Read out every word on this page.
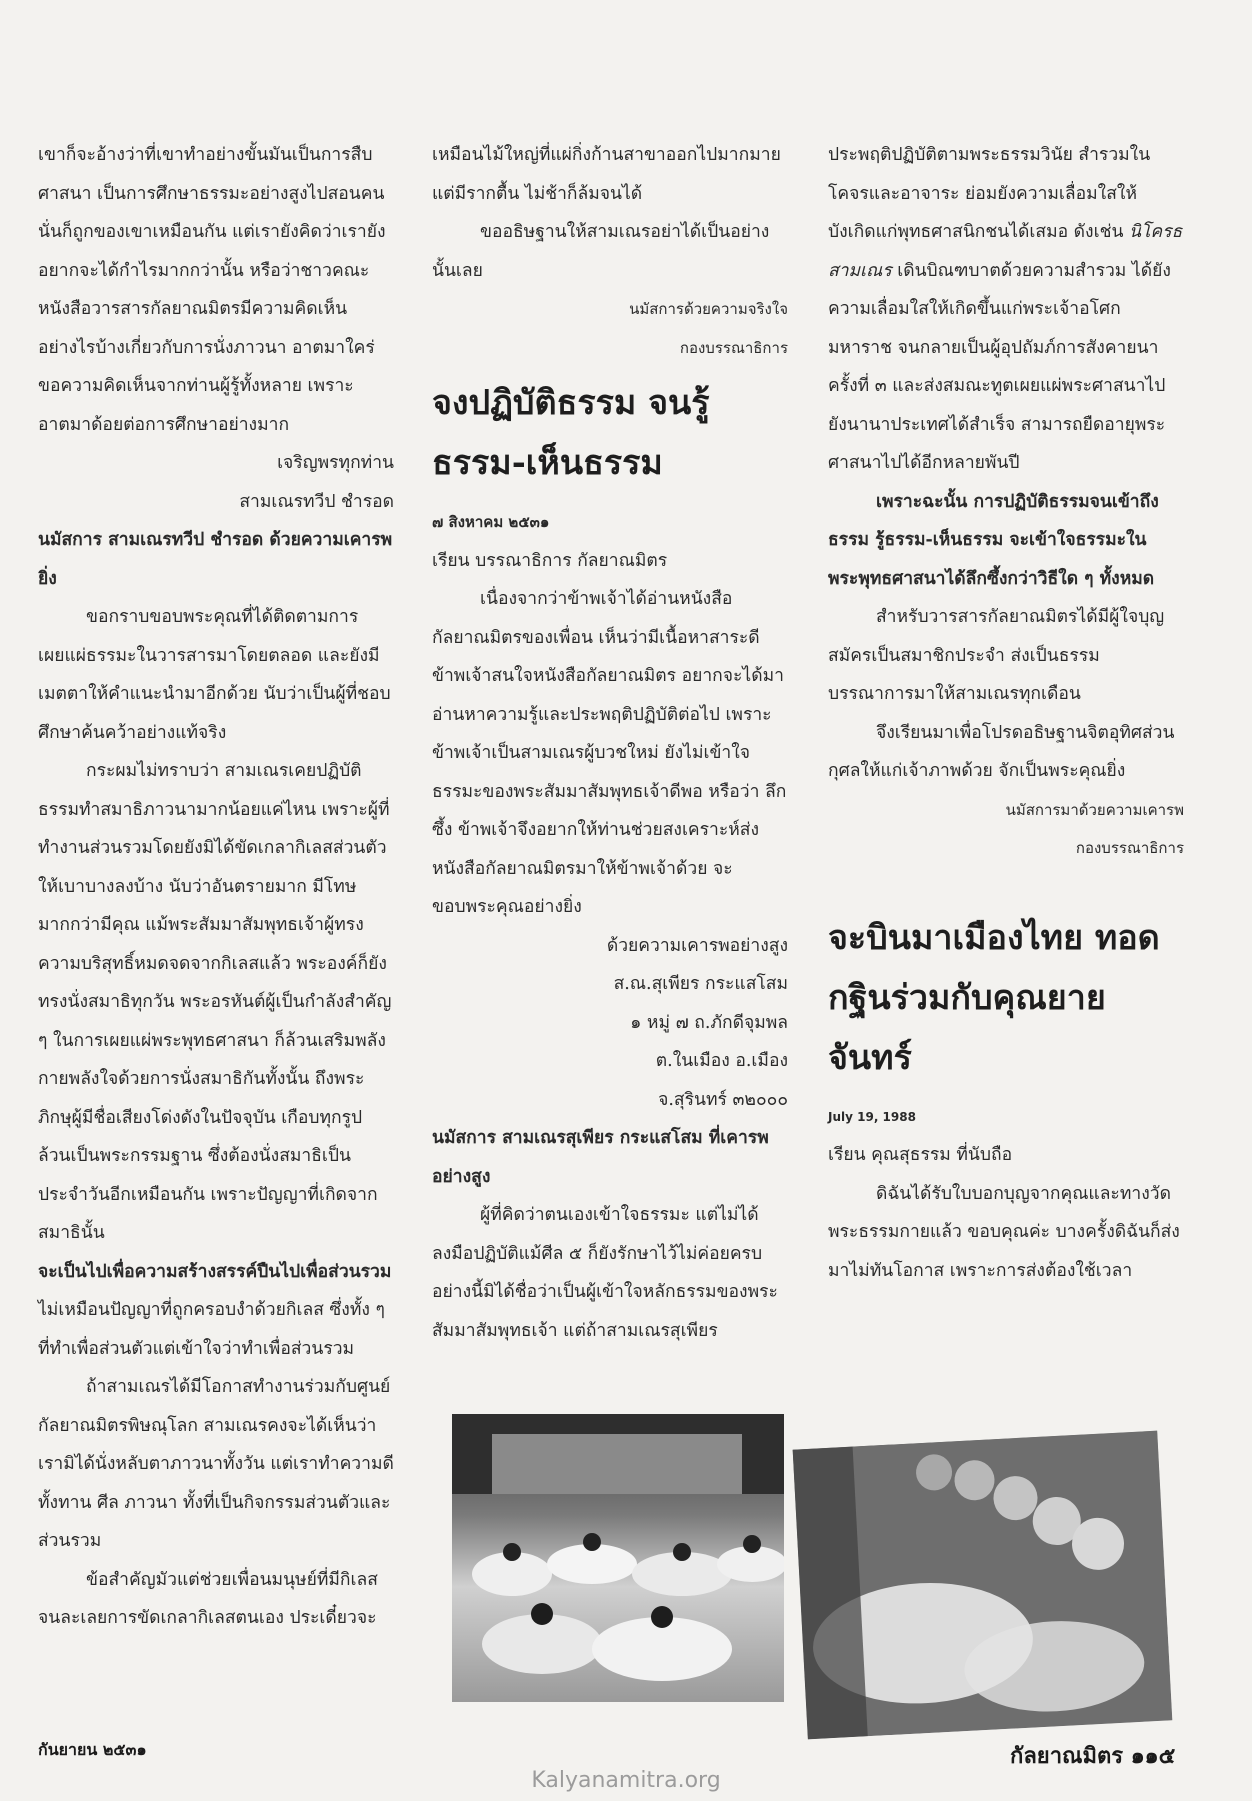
เขาก็จะอ้างว่าที่เขาทำอย่างขั้นมันเป็นการสืบศาสนา เป็นการศึกษาธรรมะอย่างสูงไปสอนคน นั่นก็ถูกของเขาเหมือนกัน แต่เรายังคิดว่าเรายังอยากจะได้กำไรมากกว่านั้น หรือว่าชาวคณะหนังสือวารสารกัลยาณมิตรมีความคิดเห็นอย่างไรบ้างเกี่ยวกับการนั่งภาวนา อาตมาใคร่ขอความคิดเห็นจากท่านผู้รู้ทั้งหลาย เพราะอาตมาด้อยต่อการศึกษาอย่างมาก

เจริญพรทุกท่าน

สามเณรทวีป ชำรอด

นมัสการ สามเณรทวีป ชำรอด ด้วยความเคารพยิ่ง

ขอกราบขอบพระคุณที่ได้ติดตามการเผยแผ่ธรรมะในวารสารมาโดยตลอด และยังมีเมตตาให้คำแนะนำมาอีกด้วย นับว่าเป็นผู้ที่ชอบศึกษาค้นคว้าอย่างแท้จริง

กระผมไม่ทราบว่า สามเณรเคยปฏิบัติธรรมทำสมาธิภาวนามากน้อยแค่ไหน เพราะผู้ที่ทำงานส่วนรวมโดยยังมิได้ขัดเกลากิเลสส่วนตัวให้เบาบางลงบ้าง นับว่าอันตรายมาก มีโทษมากกว่ามีคุณ แม้พระสัมมาสัมพุทธเจ้าผู้ทรงความบริสุทธิ์หมดจดจากกิเลสแล้ว พระองค์ก็ยังทรงนั่งสมาธิทุกวัน พระอรหันต์ผู้เป็นกำลังสำคัญ ๆ ในการเผยแผ่พระพุทธศาสนา ก็ล้วนเสริมพลังกายพลังใจด้วยการนั่งสมาธิกันทั้งนั้น ถึงพระภิกษุผู้มีชื่อเสียงโด่งดังในปัจจุบัน เกือบทุกรูปล้วนเป็นพระกรรมฐาน ซึ่งต้องนั่งสมาธิเป็นประจำวันอีกเหมือนกัน เพราะปัญญาที่เกิดจากสมาธินั้น

จะเป็นไปเพื่อความสร้างสรรค์ปืนไปเพื่อส่วนรวม

ไม่เหมือนปัญญาที่ถูกครอบงำด้วยกิเลส ซึ่งทั้ง ๆ ที่ทำเพื่อส่วนตัวแต่เข้าใจว่าทำเพื่อส่วนรวม

ถ้าสามเณรได้มีโอกาสทำงานร่วมกับศูนย์กัลยาณมิตรพิษณุโลก สามเณรคงจะได้เห็นว่าเรามิได้นั่งหลับตาภาวนาทั้งวัน แต่เราทำความดีทั้งทาน ศีล ภาวนา ทั้งที่เป็นกิจกรรมส่วนตัวและส่วนรวม

ข้อสำคัญมัวแต่ช่วยเพื่อนมนุษย์ที่มีกิเลสจนละเลยการขัดเกลากิเลสตนเอง ประเดี๋ยวจะ

เหมือนไม้ใหญ่ที่แผ่กิ่งก้านสาขาออกไปมากมาย แต่มีรากตื้น ไม่ช้าก็ล้มจนได้

ขออธิษฐานให้สามเณรอย่าได้เป็นอย่างนั้นเลย

นมัสการด้วยความจริงใจ

กองบรรณาธิการ

จงปฏิบัติธรรม จนรู้ธรรม-เห็นธรรม

๗ สิงหาคม ๒๕๓๑

เรียน บรรณาธิการ กัลยาณมิตร

เนื่องจากว่าข้าพเจ้าได้อ่านหนังสือกัลยาณมิตรของเพื่อน เห็นว่ามีเนื้อหาสาระดีข้าพเจ้าสนใจหนังสือกัลยาณมิตร อยากจะได้มาอ่านหาความรู้และประพฤติปฏิบัติต่อไป เพราะข้าพเจ้าเป็นสามเณรผู้บวชใหม่ ยังไม่เข้าใจธรรมะของพระสัมมาสัมพุทธเจ้าดีพอ หรือว่า ลึกซึ้ง ข้าพเจ้าจึงอยากให้ท่านช่วยสงเคราะห์ส่งหนังสือกัลยาณมิตรมาให้ข้าพเจ้าด้วย จะขอบพระคุณอย่างยิ่ง

ด้วยความเคารพอย่างสูง

ส.ณ.สุเพียร กระแสโสม

๑ หมู่ ๗ ถ.ภักดีจุมพล

ต.ในเมือง อ.เมือง

จ.สุรินทร์ ๓๒๐๐๐

นมัสการ สามเณรสุเพียร กระแสโสม ที่เคารพอย่างสูง

ผู้ที่คิดว่าตนเองเข้าใจธรรมะ แต่ไม่ได้ลงมือปฏิบัติแม้ศีล ๕ ก็ยังรักษาไว้ไม่ค่อยครบ อย่างนี้มิได้ชื่อว่าเป็นผู้เข้าใจหลักธรรมของพระสัมมาสัมพุทธเจ้า แต่ถ้าสามเณรสุเพียร

ประพฤติปฏิบัติตามพระธรรมวินัย สำรวมในโคจรและอาจาระ ย่อมยังความเลื่อมใสให้บังเกิดแก่พุทธศาสนิกชนได้เสมอ ดังเช่น นิโครธสามเณร เดินบิณฑบาตด้วยความสำรวม ได้ยังความเลื่อมใสให้เกิดขึ้นแก่พระเจ้าอโศกมหาราช จนกลายเป็นผู้อุปถัมภ์การสังคายนาครั้งที่ ๓ และส่งสมณะทูตเผยแผ่พระศาสนาไปยังนานาประเทศได้สำเร็จ สามารถยืดอายุพระศาสนาไปได้อีกหลายพันปี

เพราะฉะนั้น การปฏิบัติธรรมจนเข้าถึงธรรม รู้ธรรม-เห็นธรรม จะเข้าใจธรรมะในพระพุทธศาสนาได้ลึกซึ้งกว่าวิธีใด ๆ ทั้งหมด

สำหรับวารสารกัลยาณมิตรได้มีผู้ใจบุญสมัครเป็นสมาชิกประจำ ส่งเป็นธรรมบรรณาการมาให้สามเณรทุกเดือน

จึงเรียนมาเพื่อโปรดอธิษฐานจิตอุทิศส่วนกุศลให้แก่เจ้าภาพด้วย จักเป็นพระคุณยิ่ง

นมัสการมาด้วยความเคารพ

กองบรรณาธิการ

จะบินมาเมืองไทย ทอดกฐินร่วมกับคุณยายจันทร์

July 19, 1988

เรียน คุณสุธรรม ที่นับถือ

ดิฉันได้รับใบบอกบุญจากคุณและทางวัดพระธรรมกายแล้ว ขอบคุณค่ะ บางครั้งดิฉันก็ส่งมาไม่ทันโอกาส เพราะการส่งต้องใช้เวลา

กันยายน ๒๕๓๑	กัลยาณมิตร ๑๑๕
Kalyanamitra.org
